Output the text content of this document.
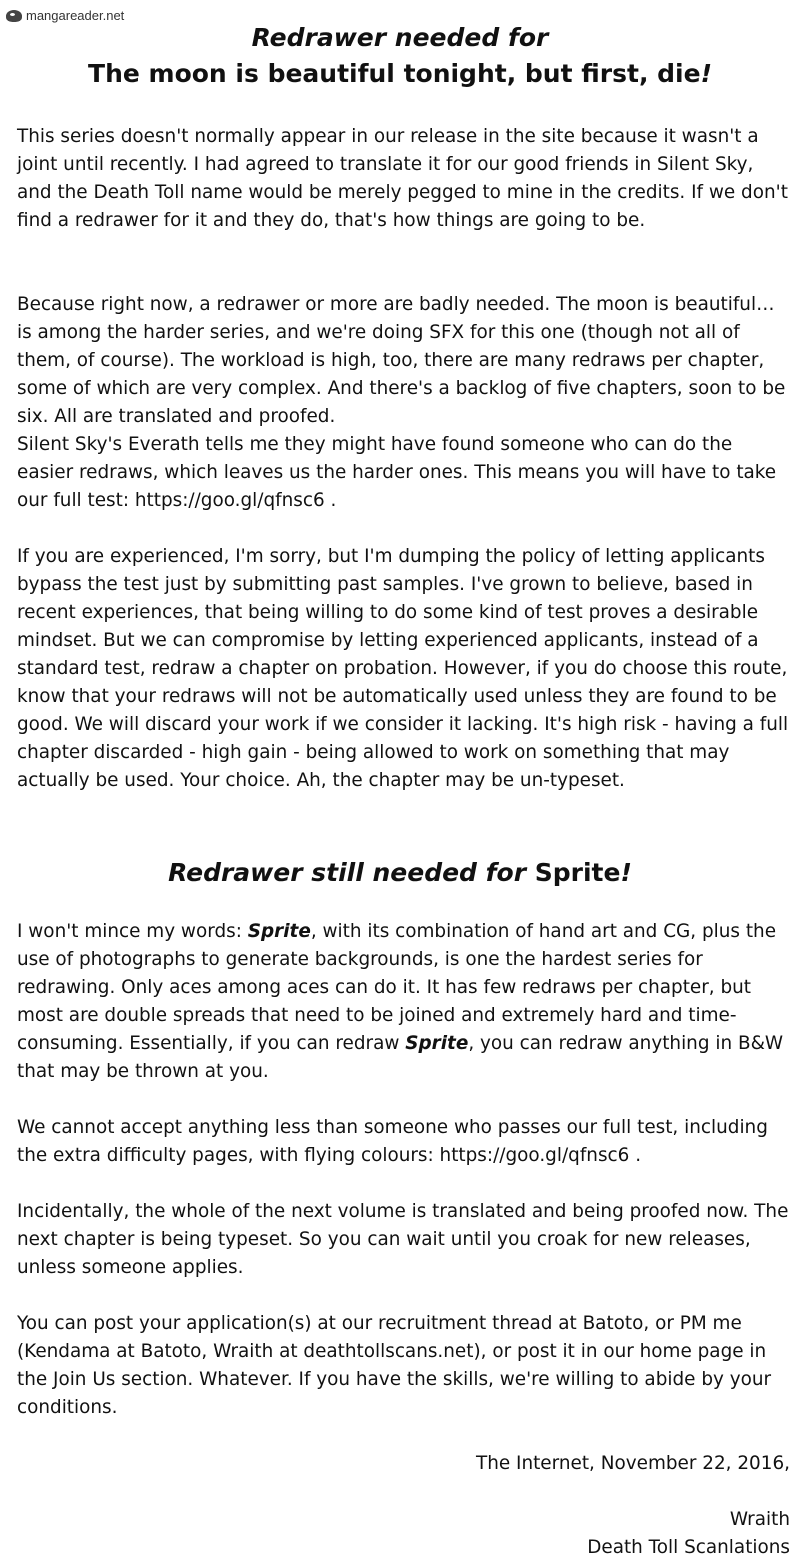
mangareader.net
Redrawer needed for
The moon is beautiful tonight, but first, die!

This series doesn't normally appear in our release in the site because it wasn't a joint until recently. I had agreed to translate it for our good friends in Silent Sky, and the Death Toll name would be merely pegged to mine in the credits. If we don't find a redrawer for it and they do, that's how things are going to be.

Because right now, a redrawer or more are badly needed. The moon is beautiful… is among the harder series, and we're doing SFX for this one (though not all of them, of course). The workload is high, too, there are many redraws per chapter, some of which are very complex. And there's a backlog of five chapters, soon to be six. All are translated and proofed.

Silent Sky's Everath tells me they might have found someone who can do the easier redraws, which leaves us the harder ones. This means you will have to take our full test: https://goo.gl/qfnsc6 .

If you are experienced, I'm sorry, but I'm dumping the policy of letting applicants bypass the test just by submitting past samples. I've grown to believe, based in recent experiences, that being willing to do some kind of test proves a desirable mindset. But we can compromise by letting experienced applicants, instead of a standard test, redraw a chapter on probation. However, if you do choose this route, know that your redraws will not be automatically used unless they are found to be good. We will discard your work if we consider it lacking. It's high risk - having a full chapter discarded - high gain - being allowed to work on something that may actually be used. Your choice. Ah, the chapter may be un-typeset.

Redrawer still needed for Sprite!

I won't mince my words: Sprite, with its combination of hand art and CG, plus the use of photographs to generate backgrounds, is one the hardest series for redrawing. Only aces among aces can do it. It has few redraws per chapter, but most are double spreads that need to be joined and extremely hard and time-consuming. Essentially, if you can redraw Sprite, you can redraw anything in B&W that may be thrown at you.

We cannot accept anything less than someone who passes our full test, including the extra difficulty pages, with flying colours: https://goo.gl/qfnsc6 .

Incidentally, the whole of the next volume is translated and being proofed now. The next chapter is being typeset. So you can wait until you croak for new releases, unless someone applies.

You can post your application(s) at our recruitment thread at Batoto, or PM me (Kendama at Batoto, Wraith at deathtollscans.net), or post it in our home page in the Join Us section. Whatever. If you have the skills, we're willing to abide by your conditions.

The Internet, November 22, 2016,

Wraith
Death Toll Scanlations
